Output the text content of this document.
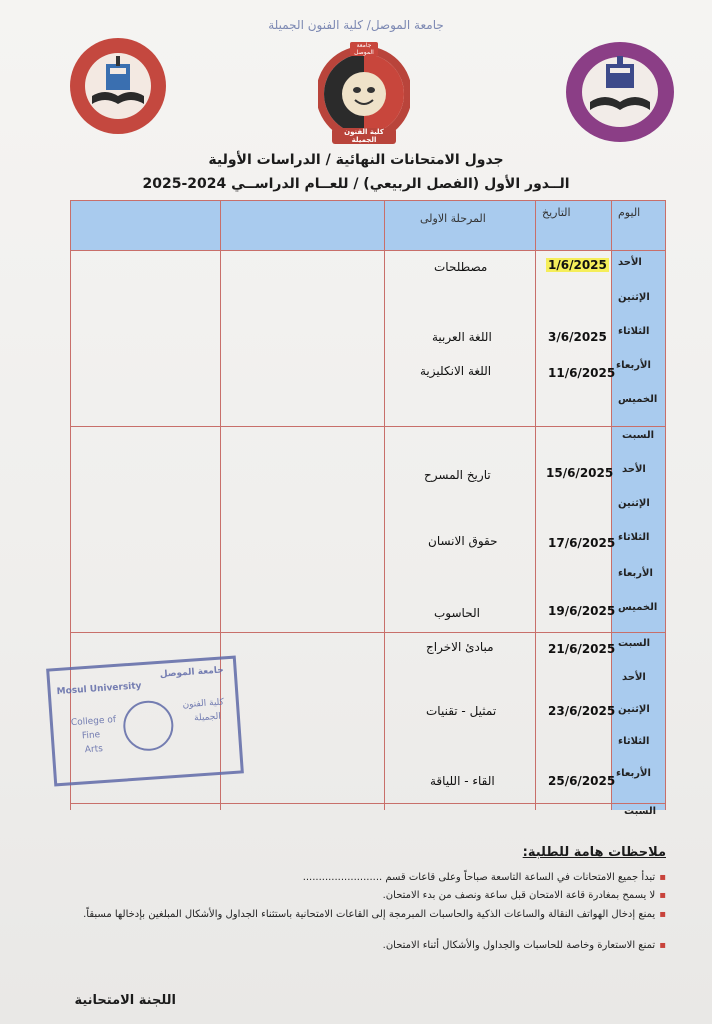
جامعة الموصل/ كلية الفنون الجميلة
جامعة الموصل
كلية الفنون الجميلة
جدول الامتحانات النهائية / الدراسات الأولية
الــدور الأول (الفصل الربيعي) / للعــام الدراســي 2024-2025
اليوم
التاريخ
المرحلة الاولى
الأحد
1/6/2025
مصطلحات
الإثنين
الثلاثاء
3/6/2025
اللغة العربية
الأربعاء
11/6/2025
اللغة الانكليزية
الخميس
السبت
الأحد
15/6/2025
تاريخ المسرح
الإثنين
الثلاثاء
17/6/2025
حقوق الانسان
الأربعاء
الخميس
19/6/2025
الحاسوب
السبت
21/6/2025
مبادئ الاخراج
الأحد
الإثنين
23/6/2025
تمثيل - تقنيات
الثلاثاء
الأربعاء
25/6/2025
القاء - اللياقة
السبت
Mosul University
جامعة الموصل
College of
Fine
Arts
كلية الفنون
الجميلة
ملاحظات هامة للطلبة:
▪تبدأ جميع الامتحانات في الساعة التاسعة صباحاً وعلى قاعات قسم .........................
▪لا يسمح بمغادرة قاعة الامتحان قبل ساعة ونصف من بدء الامتحان.
▪يمنع إدخال الهواتف النقالة والساعات الذكية والحاسبات المبرمجة إلى القاعات الامتحانية باستثناء الجداول والأشكال المبلغين بإدخالها مسبقاً.
▪تمنع الاستعارة وخاصة للحاسبات والجداول والأشكال أثناء الامتحان.
اللجنة الامتحانية
